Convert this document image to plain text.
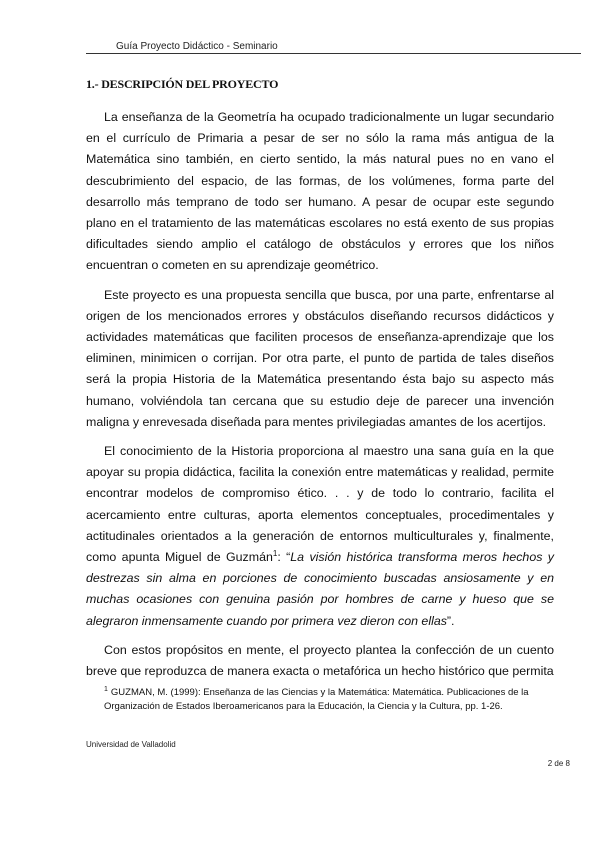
Guía Proyecto Didáctico - Seminario
1.- DESCRIPCIÓN DEL PROYECTO

La enseñanza de la Geometría ha ocupado tradicionalmente un lugar secundario en el currículo de Primaria a pesar de ser no sólo la rama más antigua de la Matemática sino también, en cierto sentido, la más natural pues no en vano el descubrimiento del espacio, de las formas, de los volúmenes, forma parte del desarrollo más temprano de todo ser humano. A pesar de ocupar este segundo plano en el tratamiento de las matemáticas escolares no está exento de sus propias dificultades siendo amplio el catálogo de obstáculos y errores que los niños encuentran o cometen en su aprendizaje geométrico.

Este proyecto es una propuesta sencilla que busca, por una parte, enfrentarse al origen de los mencionados errores y obstáculos diseñando recursos didácticos y actividades matemáticas que faciliten procesos de enseñanza-aprendizaje que los eliminen, minimicen o corrijan. Por otra parte, el punto de partida de tales diseños será la propia Historia de la Matemática presentando ésta bajo su aspecto más humano, volviéndola tan cercana que su estudio deje de parecer una invención maligna y enrevesada diseñada para mentes privilegiadas amantes de los acertijos.

El conocimiento de la Historia proporciona al maestro una sana guía en la que apoyar su propia didáctica, facilita la conexión entre matemáticas y realidad, permite encontrar modelos de compromiso ético. . . y de todo lo contrario, facilita el acercamiento entre culturas, aporta elementos conceptuales, procedimentales y actitudinales orientados a la generación de entornos multiculturales y, finalmente, como apunta Miguel de Guzmán$^1$: “La visión histórica transforma meros hechos y destrezas sin alma en porciones de conocimiento buscadas ansiosamente y en muchas ocasiones con genuina pasión por hombres de carne y hueso que se alegraron inmensamente cuando por primera vez dieron con ellas”.

Con estos propósitos en mente, el proyecto plantea la confección de un cuento breve que reproduzca de manera exacta o metafórica un hecho histórico que permita

$^1$ GUZMAN, M. (1999): Enseñanza de las Ciencias y la Matemática: Matemática. Publicaciones de la Organización de Estados Iberoamericanos para la Educación, la Ciencia y la Cultura, pp. 1-26.

Universidad de Valladolid
2 de 8
